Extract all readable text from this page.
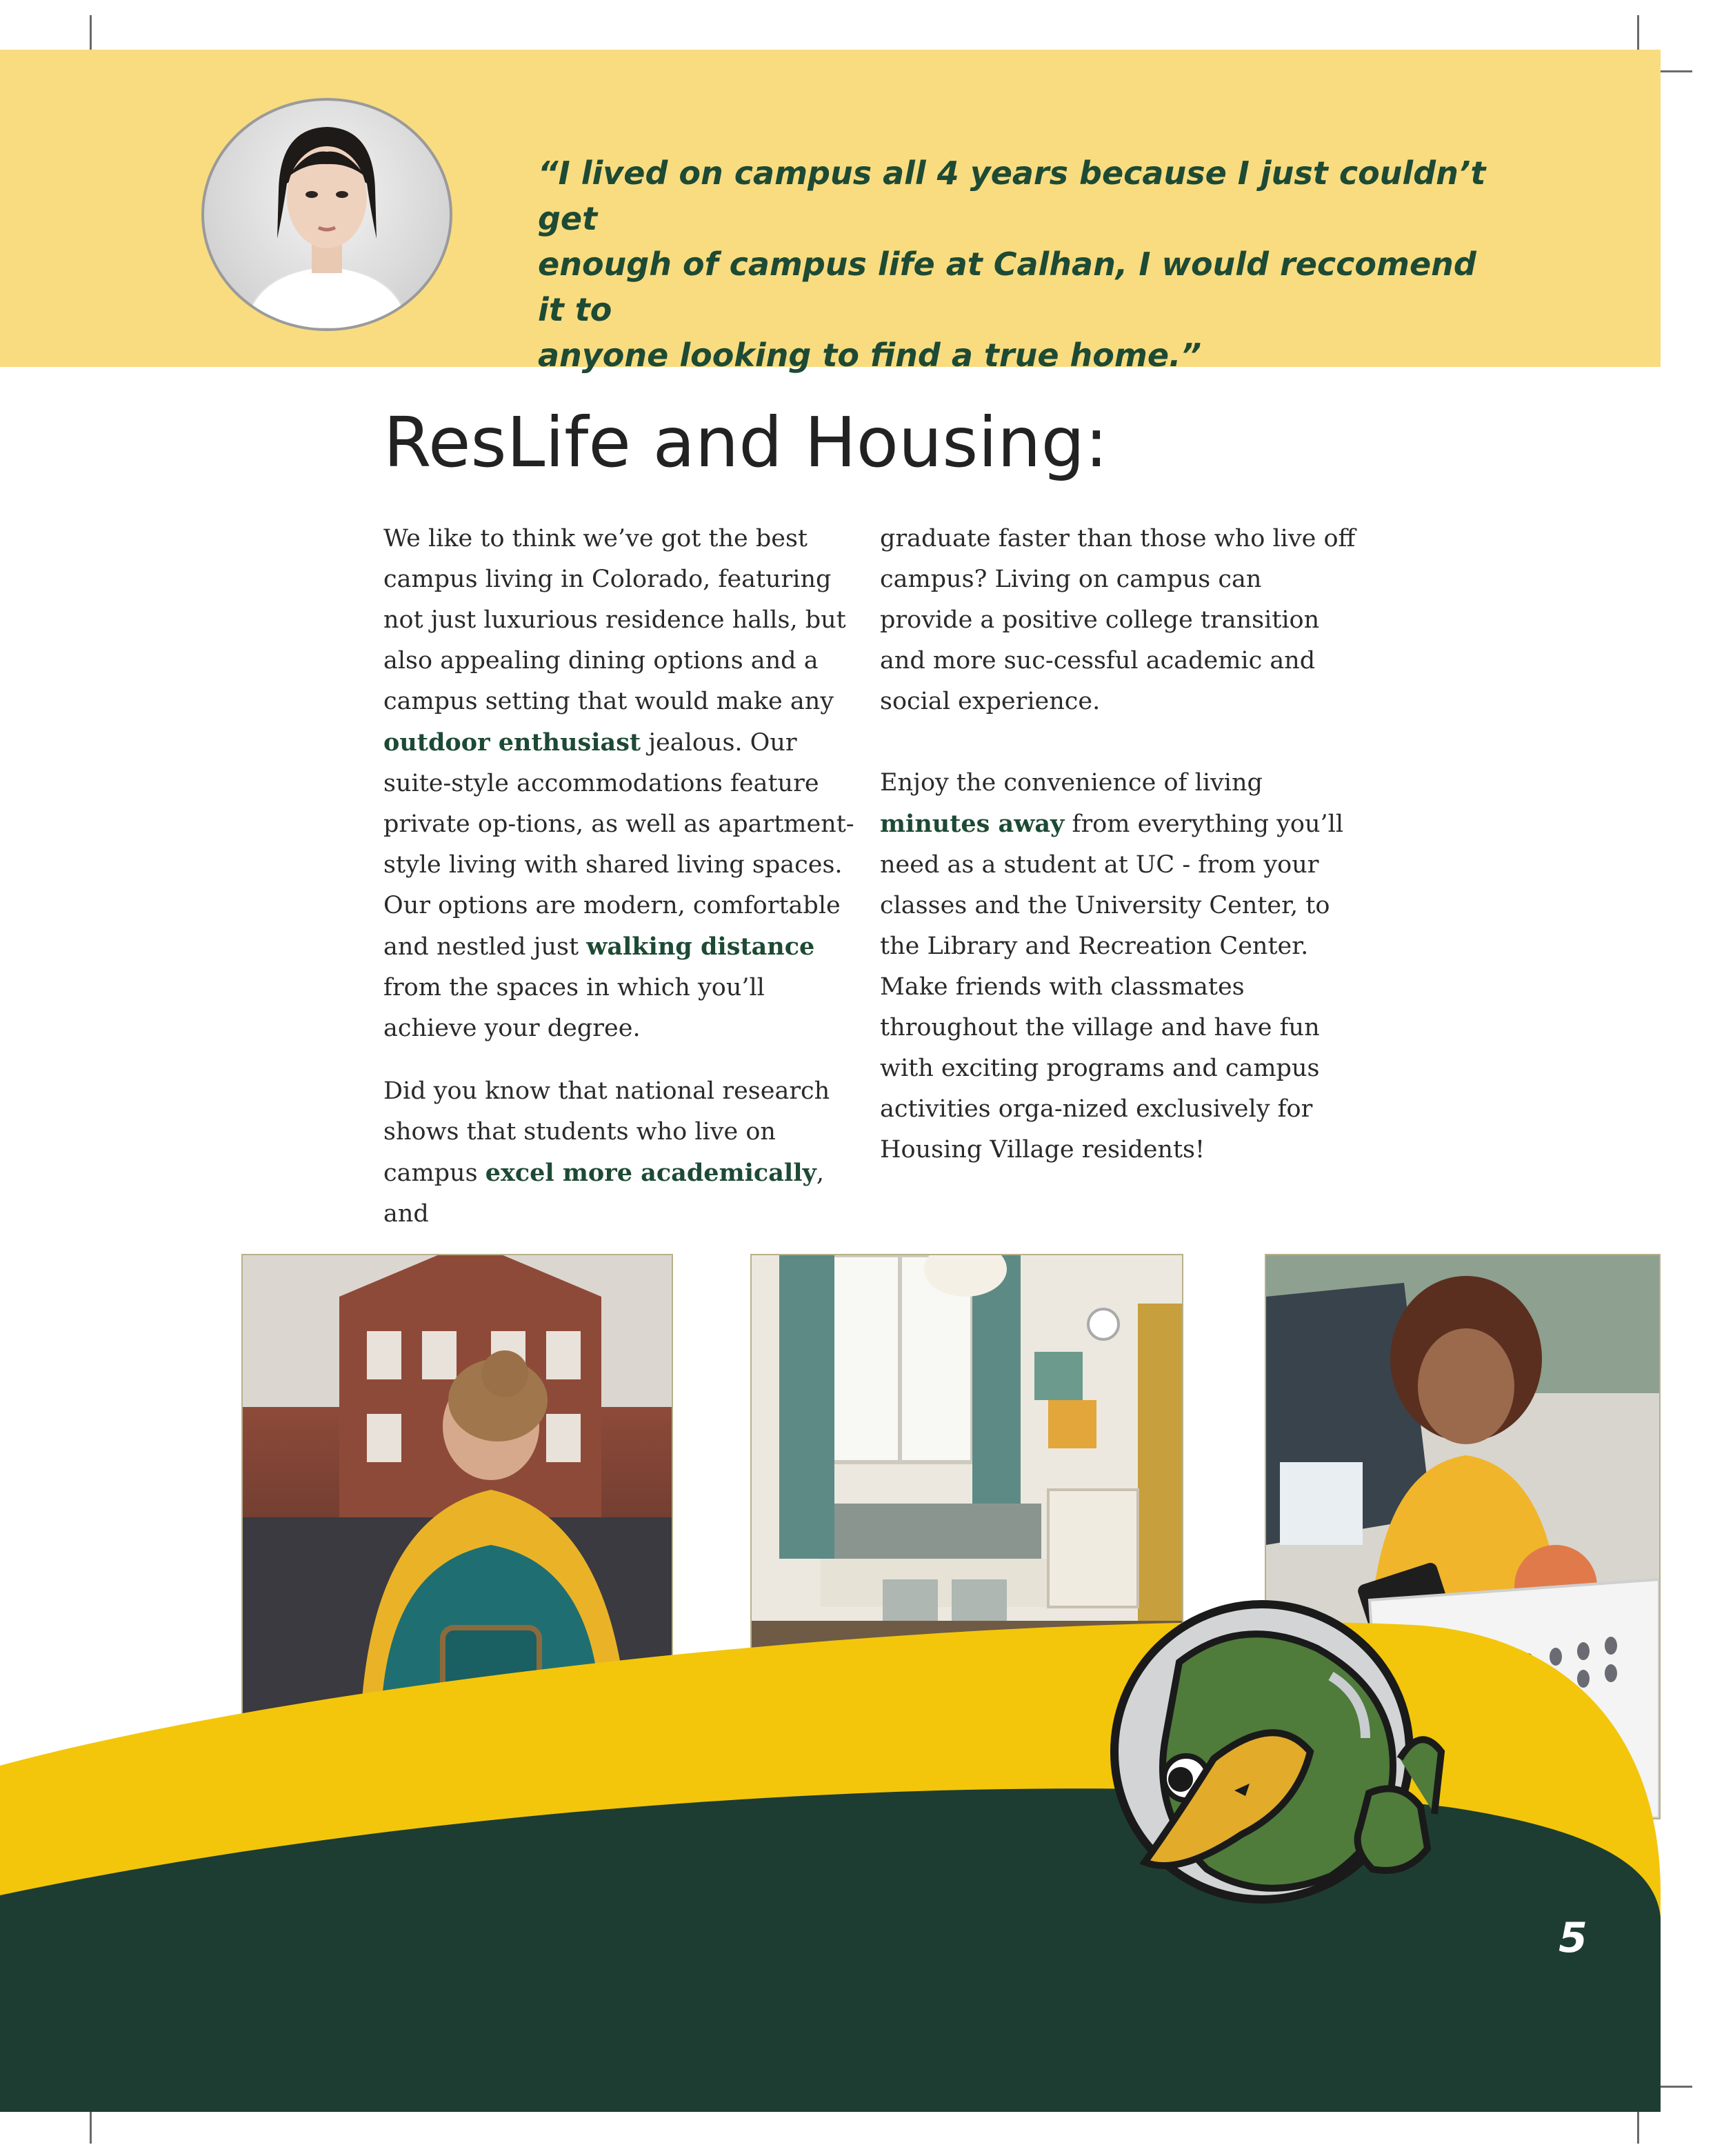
“I lived on campus all 4 years because I just couldn’t get
enough of campus life at Calhan, I would reccomend it to
anyone looking to find a true home.”

ResLife and Housing:

We like to think we’ve got the best campus living in Colorado, featuring not just luxurious residence halls, but also appealing dining options and a campus setting that would make any outdoor enthusiast jealous. Our suite-style accommodations feature private op-tions, as well as apartment-style living with shared living spaces. Our options are modern, comfortable and nestled just walking distance from the spaces in which you’ll achieve your degree.

Did you know that national research shows that students who live on campus excel more academically, and

graduate faster than those who live off campus? Living on campus can provide a positive college transition and more suc-cessful academic and social experience.

Enjoy the convenience of living minutes away from everything you’ll need as a student at UC - from your classes and the University Center, to the Library and Recreation Center. Make friends with classmates throughout the village and have fun with exciting programs and campus activities orga-nized exclusively for Housing Village residents!

5
